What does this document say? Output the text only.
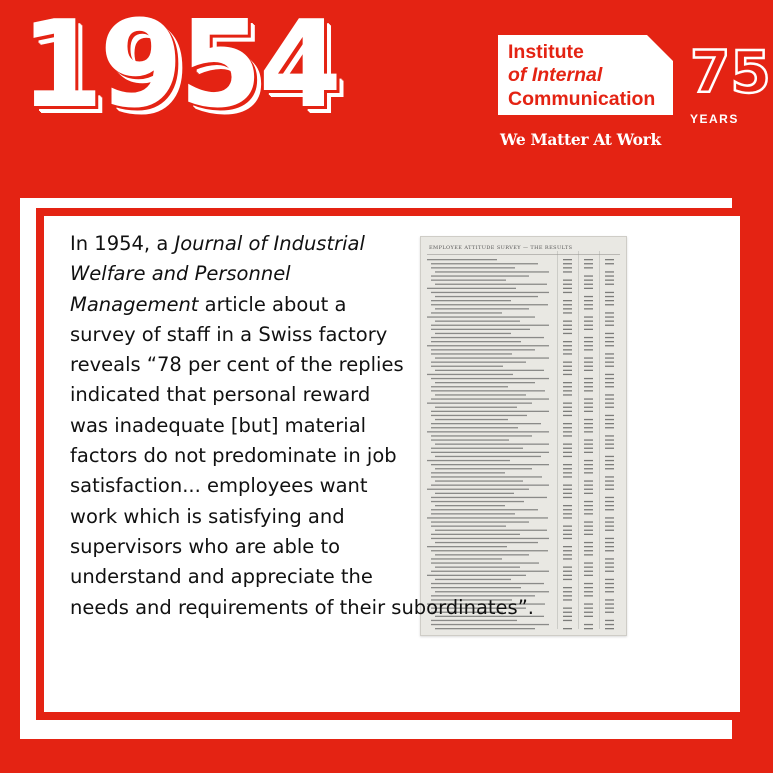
1954	Institute
of Internal
Communication
We Matter At Work
75
YEARS
EMPLOYEE ATTITUDE SURVEY — THE RESULTS

In 1954, a Journal of Industrial Welfare and Personnel Management article about a survey of staff in a Swiss factory reveals “78 per cent of the replies indicated that personal reward was inadequate [but] material factors do not predominate in job satisfaction... employees want work which is satisfying and supervisors who are able to understand and appreciate the needs and requirements of their subordinates”.
